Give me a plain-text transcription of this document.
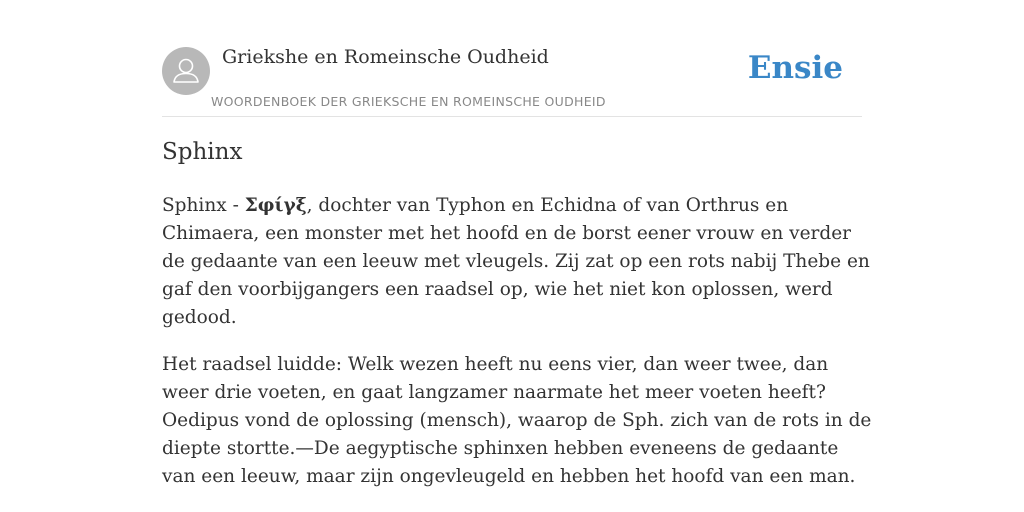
Griekshe en Romeinsche Oudheid
WOORDENBOEK DER GRIEKSCHE EN ROMEINSCHE OUDHEID
Ensie
Sphinx

Sphinx - Σφίγξ, dochter van Typhon en Echidna of van Orthrus en Chimaera, een monster met het hoofd en de borst eener vrouw en verder de gedaante van een leeuw met vleugels. Zij zat op een rots nabij Thebe en gaf den voorbijgangers een raadsel op, wie het niet kon oplossen, werd gedood.

Het raadsel luidde: Welk wezen heeft nu eens vier, dan weer twee, dan weer drie voeten, en gaat langzamer naarmate het meer voeten heeft? Oedipus vond de oplossing (mensch), waarop de Sph. zich van de rots in de diepte stortte.—De aegyptische sphinxen hebben eveneens de gedaante van een leeuw, maar zijn ongevleugeld en hebben het hoofd van een man.
